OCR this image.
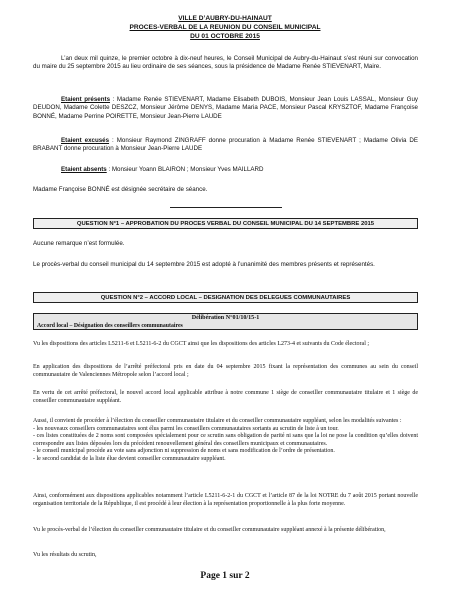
VILLE D’AUBRY-DU-HAINAUT
PROCES-VERBAL DE LA REUNION DU CONSEIL MUNICIPAL
DU 01 OCTOBRE 2015
L’an deux mil quinze, le premier octobre à dix-neuf heures, le Conseil Municipal de Aubry-du-Hainaut s’est réuni sur convocation du maire du 25 septembre 2015 au lieu ordinaire de ses séances, sous la présidence de Madame Renée STIEVENART, Maire.
Etaient présents : Madame Renée STIEVENART, Madame Elisabeth DUBOIS, Monsieur Jean Louis LASSAL, Monsieur Guy DEUDON, Madame Colette DESZCZ, Monsieur Jérôme DENYS, Madame Maria PACE, Monsieur Pascal KRYSZTOF, Madame Françoise BONNÉ, Madame Perrine POIRETTE, Monsieur Jean-Pierre LAUDE
Etaient excusés : Monsieur Raymond ZINGRAFF donne procuration à Madame Renée STIEVENART ; Madame Olivia DE BRABANT donne procuration à Monsieur Jean-Pierre LAUDE
Etaient absents : Monsieur Yoann BLAIRON ; Monsieur Yves MAILLARD
Madame Françoise BONNÉ est désignée secrétaire de séance.
QUESTION N°1 – APPROBATION DU PROCES VERBAL DU CONSEIL MUNICIPAL DU 14 SEPTEMBRE 2015
Aucune remarque n’est formulée.
Le procès-verbal du conseil municipal du 14 septembre 2015 est adopté à l’unanimité des membres présents et représentés.
QUESTION N°2 – ACCORD LOCAL – DESIGNATION DES DELEGUES COMMUNAUTAIRES
Délibération N°01/10/15-1
Accord local – Désignation des conseillers communautaires
Vu les dispositions des articles L5211-6 et L5211-6-2 du CGCT ainsi que les dispositions des articles L273-4 et suivants du Code électoral ;
En application des dispositions de l’arrêté préfectoral pris en date du 04 septembre 2015 fixant la représentation des communes au sein du conseil communautaire de Valenciennes Métropole selon l’accord local ;
En vertu de cet arrêté préfectoral, le nouvel accord local applicable attribue à notre commune 1 siège de conseiller communautaire titulaire et 1 siège de conseiller communautaire suppléant.
Aussi, il convient de procéder à l’élection du conseiller communautaire titulaire et du conseiller communautaire suppléant, selon les modalités suivantes :
- les nouveaux conseillers communautaires sont élus parmi les conseillers communautaires sortants au scrutin de liste à un tour.
- ces listes constituées de 2 noms sont composées spécialement pour ce scrutin sans obligation de parité ni sans que la loi ne pose la condition qu’elles doivent correspondre aux listes déposées lors du précédent renouvellement général des conseillers municipaux et communautaires.
- le conseil municipal procède au vote sans adjonction ni suppression de noms et sans modification de l’ordre de présentation.
- le second candidat de la liste élue devient conseiller communautaire suppléant.
Ainsi, conformément aux dispositions applicables notamment l’article L5211-6-2-1 du CGCT et l’article 87 de la loi NOTRE du 7 août 2015 portant nouvelle organisation territoriale de la République, il est procédé à leur élection à la représentation proportionnelle à la plus forte moyenne.
Vu le procès-verbal de l’élection du conseiller communautaire titulaire et du conseiller communautaire suppléant annexé à la présente délibération,
Vu les résultats du scrutin,
Page 1 sur 2
